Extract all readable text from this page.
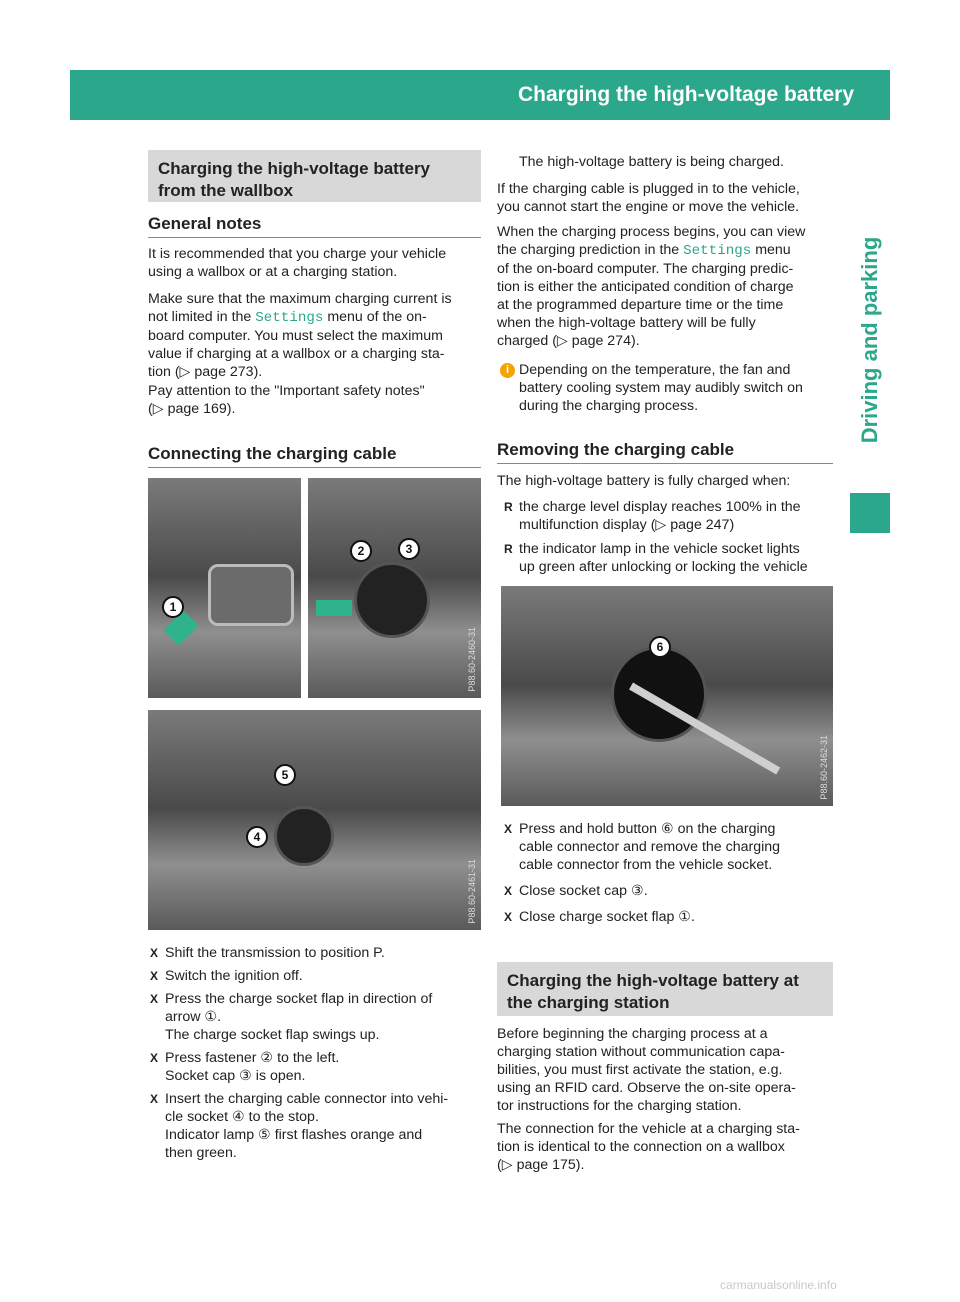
Charging the high-voltage battery	175
Driving and parking
Charging the high-voltage battery
from the wallbox
General notes
It is recommended that you charge your vehicle
using a wallbox or at a charging station.
Make sure that the maximum charging current is
not limited in the Settings menu of the on-
board computer. You must select the maximum
value if charging at a wallbox or a charging sta-
tion (▷ page 273).
Pay attention to the "Important safety notes"
(▷ page 169).
Connecting the charging cable
1
2	3
P88.60-2460-31
5
4
P88.60-2461-31
X Shift the transmission to position P.
X Switch the ignition off.
X Press the charge socket flap in direction of
arrow ①.
The charge socket flap swings up.
X Press fastener ② to the left.
Socket cap ③ is open.
X Insert the charging cable connector into vehi-
cle socket ④ to the stop.
Indicator lamp ⑤ first flashes orange and
then green.
The high-voltage battery is being charged.
If the charging cable is plugged in to the vehicle,
you cannot start the engine or move the vehicle.
When the charging process begins, you can view
the charging prediction in the Settings menu
of the on-board computer. The charging predic-
tion is either the anticipated condition of charge
at the programmed departure time or the time
when the high-voltage battery will be fully
charged (▷ page 274).
i Depending on the temperature, the fan and
battery cooling system may audibly switch on
during the charging process.
Removing the charging cable
The high-voltage battery is fully charged when:
R the charge level display reaches 100% in the
multifunction display (▷ page 247)
R the indicator lamp in the vehicle socket lights
up green after unlocking or locking the vehicle
6
P88.60-2462-31
X Press and hold button ⑥ on the charging
cable connector and remove the charging
cable connector from the vehicle socket.
X Close socket cap ③.
X Close charge socket flap ①.
Charging the high-voltage battery at
the charging station
Before beginning the charging process at a
charging station without communication capa-
bilities, you must first activate the station, e.g.
using an RFID card. Observe the on-site opera-
tor instructions for the charging station.
The connection for the vehicle at a charging sta-
tion is identical to the connection on a wallbox
(▷ page 175).
carmanualsonline.info
